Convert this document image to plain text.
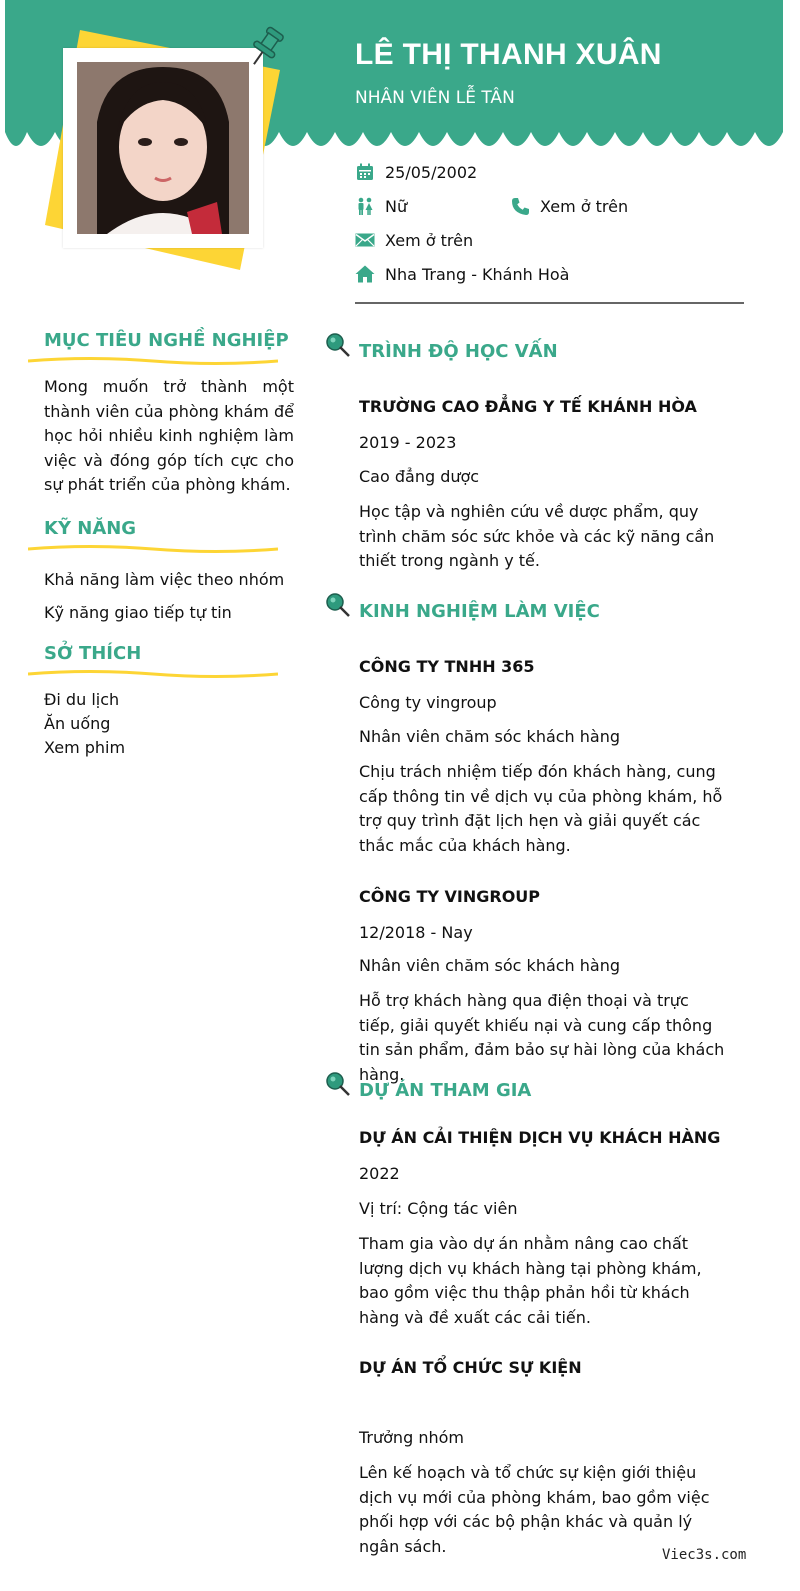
LÊ THỊ THANH XUÂN
NHÂN VIÊN LỄ TÂN
25/05/2002
Nữ	Xem ở trên
Xem ở trên
Nha Trang - Khánh Hoà
MỤC TIÊU NGHỀ NGHIỆP
Mong muốn trở thành một thành viên của phòng khám để học hỏi nhiều kinh nghiệm làm việc và đóng góp tích cực cho sự phát triển của phòng khám.
KỸ NĂNG
Khả năng làm việc theo nhóm
Kỹ năng giao tiếp tự tin
SỞ THÍCH
Đi du lịch
Ăn uống
Xem phim
TRÌNH ĐỘ HỌC VẤN
TRƯỜNG CAO ĐẲNG Y TẾ KHÁNH HÒA
2019 - 2023
Cao đẳng dược
Học tập và nghiên cứu về dược phẩm, quy trình chăm sóc sức khỏe và các kỹ năng cần thiết trong ngành y tế.
KINH NGHIỆM LÀM VIỆC
CÔNG TY TNHH 365
Công ty vingroup
Nhân viên chăm sóc khách hàng
Chịu trách nhiệm tiếp đón khách hàng, cung cấp thông tin về dịch vụ của phòng khám, hỗ trợ quy trình đặt lịch hẹn và giải quyết các thắc mắc của khách hàng.
CÔNG TY VINGROUP
12/2018 - Nay
Nhân viên chăm sóc khách hàng
Hỗ trợ khách hàng qua điện thoại và trực tiếp, giải quyết khiếu nại và cung cấp thông tin sản phẩm, đảm bảo sự hài lòng của khách hàng.
DỰ ÁN THAM GIA
DỰ ÁN CẢI THIỆN DỊCH VỤ KHÁCH HÀNG
2022
Vị trí: Cộng tác viên
Tham gia vào dự án nhằm nâng cao chất lượng dịch vụ khách hàng tại phòng khám, bao gồm việc thu thập phản hồi từ khách hàng và đề xuất các cải tiến.
DỰ ÁN TỔ CHỨC SỰ KIỆN
Trưởng nhóm
Lên kế hoạch và tổ chức sự kiện giới thiệu dịch vụ mới của phòng khám, bao gồm việc phối hợp với các bộ phận khác và quản lý ngân sách.	Viec3s.com
